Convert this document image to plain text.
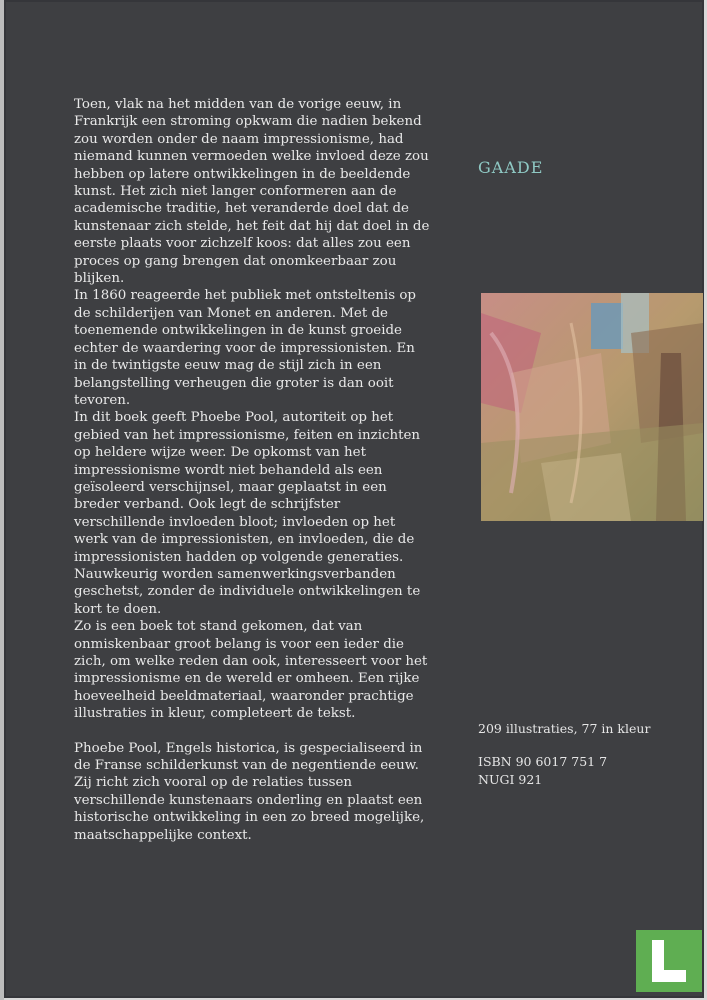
Toen, vlak na het midden van de vorige eeuw, in Frankrijk een stroming opkwam die nadien bekend zou worden onder de naam impressionisme, had niemand kunnen vermoeden welke invloed deze zou hebben op latere ontwikkelingen in de beeldende kunst. Het zich niet langer conformeren aan de academische traditie, het veranderde doel dat de kunstenaar zich stelde, het feit dat hij dat doel in de eerste plaats voor zichzelf koos: dat alles zou een proces op gang brengen dat onomkeerbaar zou blijken.

In 1860 reageerde het publiek met ontsteltenis op de schilderijen van Monet en anderen. Met de toenemende ontwikkelingen in de kunst groeide echter de waardering voor de impressionisten. En in de twintigste eeuw mag de stijl zich in een belangstelling verheugen die groter is dan ooit tevoren.

In dit boek geeft Phoebe Pool, autoriteit op het gebied van het impressionisme, feiten en inzichten op heldere wijze weer. De opkomst van het impressionisme wordt niet behandeld als een geïsoleerd verschijnsel, maar geplaatst in een breder verband. Ook legt de schrijfster verschillende invloeden bloot; invloeden op het werk van de impressionisten, en invloeden, die de impressionisten hadden op volgende generaties. Nauwkeurig worden samenwerkingsverbanden geschetst, zonder de individuele ontwikkelingen te kort te doen.

Zo is een boek tot stand gekomen, dat van onmiskenbaar groot belang is voor een ieder die zich, om welke reden dan ook, interesseert voor het impressionisme en de wereld er omheen. Een rijke hoeveelheid beeldmateriaal, waaronder prachtige illustraties in kleur, completeert de tekst.

Phoebe Pool, Engels historica, is gespecialiseerd in de Franse schilderkunst van de negentiende eeuw. Zij richt zich vooral op de relaties tussen verschillende kunstenaars onderling en plaatst een historische ontwikkeling in een zo breed mogelijke, maatschappelijke context.

GAADE
209 illustraties, 77 in kleur
ISBN 90 6017 751 7
NUGI 921
